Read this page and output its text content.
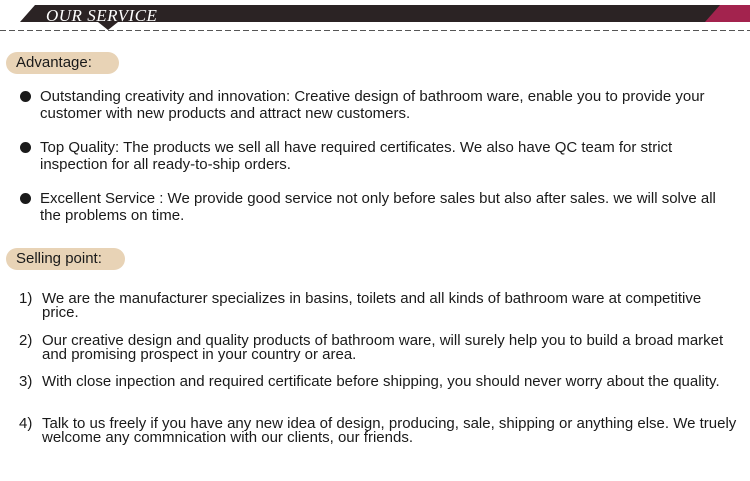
OUR SERVICE
Advantage:
Outstanding creativity and innovation: Creative design of bathroom ware, enable you to provide your customer with new products and attract new customers.
Top Quality: The products we sell all have required certificates. We also have QC team for strict inspection for all ready-to-ship orders.
Excellent Service : We provide good service not only before sales but also after sales. we will solve all the problems on time.
Selling point:
1) We are the manufacturer specializes in basins, toilets and all kinds of bathroom ware at competitive price.
2) Our creative design and quality products of bathroom ware, will surely help you to build a broad market and promising prospect in your country or area.
3) With close inpection and required certificate before shipping, you should never worry about the quality.
4) Talk to us freely if you have any new idea of design, producing, sale, shipping or anything else. We truely welcome any commnication with our clients, our friends.
